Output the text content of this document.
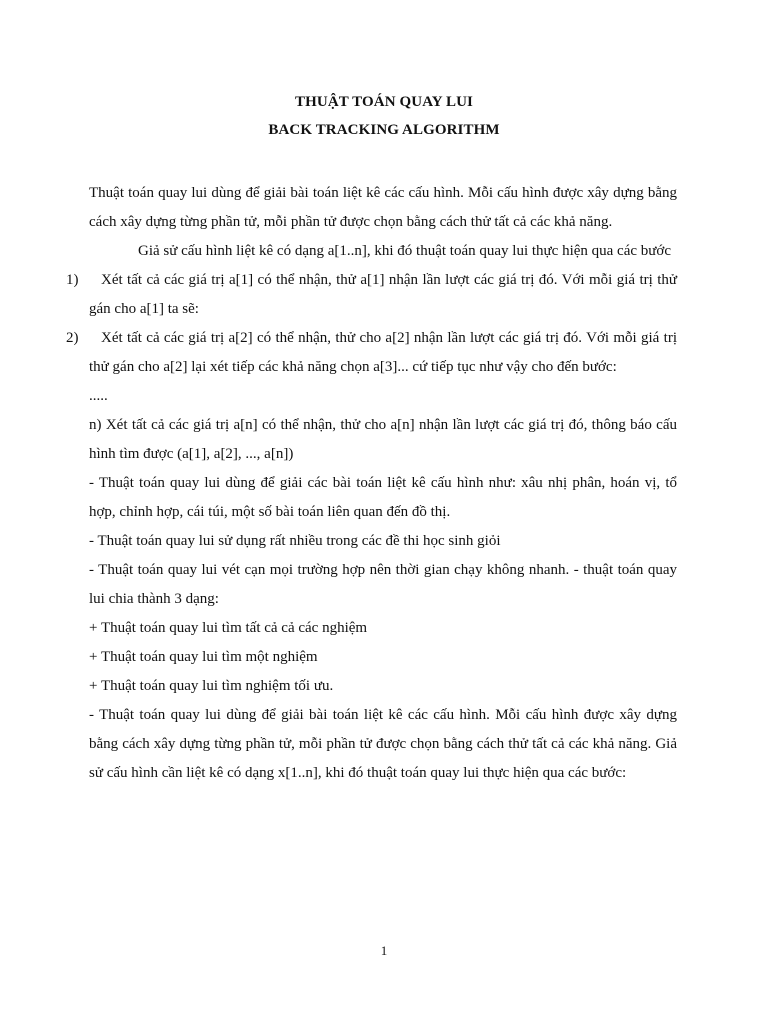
THUẬT TOÁN QUAY LUI
BACK TRACKING ALGORITHM

Thuật toán quay lui dùng để giải bài toán liệt kê các cấu hình. Mỗi cấu hình được xây dựng bằng cách xây dựng từng phần tử, mỗi phần tử được chọn bằng cách thử tất cả các khả năng.

Giả sử cấu hình liệt kê có dạng a[1..n], khi đó thuật toán quay lui thực hiện qua các bước

1)	Xét tất cả các giá trị a[1] có thể nhận, thử a[1] nhận lần lượt các giá trị đó. Với mỗi giá trị thử gán cho a[1] ta sẽ:

2)	Xét tất cả các giá trị a[2] có thể nhận, thử cho a[2] nhận lần lượt các giá trị đó. Với mỗi giá trị thử gán cho a[2] lại xét tiếp các khả năng chọn a[3]... cứ tiếp tục như vậy cho đến bước:

.....

n) Xét tất cả các giá trị a[n] có thể nhận, thử cho a[n] nhận lần lượt các giá trị đó, thông báo cấu hình tìm được (a[1], a[2], ..., a[n])

- Thuật toán quay lui dùng để giải các bài toán liệt kê cấu hình như: xâu nhị phân, hoán vị, tổ hợp, chỉnh hợp, cái túi, một số bài toán liên quan đến đồ thị.

- Thuật toán quay lui sử dụng rất nhiều trong các đề thi học sinh giỏi

- Thuật toán quay lui vét cạn mọi trường hợp nên thời gian chạy không nhanh. - thuật toán quay lui chia thành 3 dạng:

+ Thuật toán quay lui tìm tất cả cả các nghiệm

+ Thuật toán quay lui tìm một nghiệm

+ Thuật toán quay lui tìm nghiệm tối ưu.

- Thuật toán quay lui dùng để giải bài toán liệt kê các cấu hình. Mỗi cấu hình được xây dựng bằng cách xây dựng từng phần tử, mỗi phần tử được chọn bằng cách thử tất cả các khả năng. Giả sử cấu hình cần liệt kê có dạng x[1..n], khi đó thuật toán quay lui thực hiện qua các bước:

1
